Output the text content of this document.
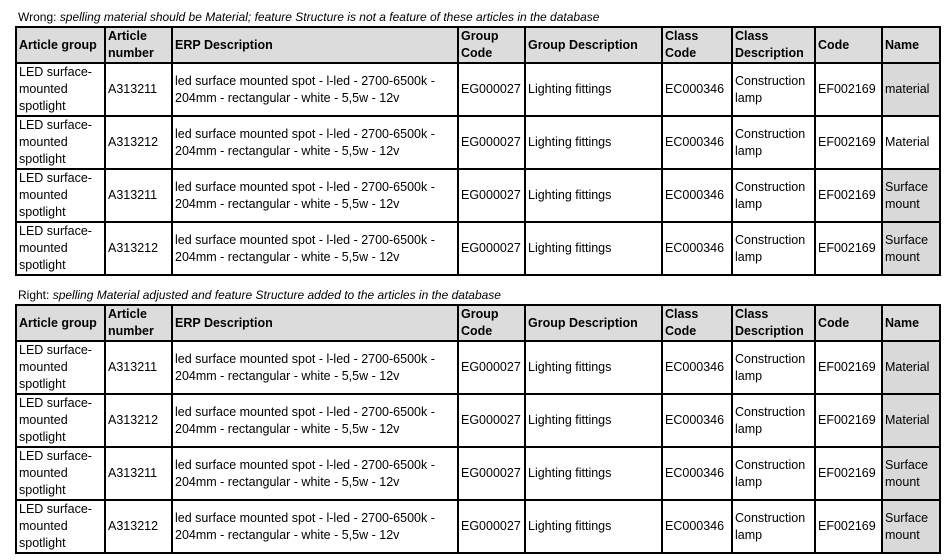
Wrong: spelling material should be Material; feature Structure is not a feature of these articles in the database
Article group	Article number	ERP Description	Group Code	Group Description	Class Code	Class Description	Code	Name
LED surface-mounted spotlight	A313211	led surface mounted spot - l-led - 2700-6500k - 204mm - rectangular - white - 5,5w - 12v	EG000027	Lighting fittings	EC000346	Construction lamp	EF002169	material
LED surface-mounted spotlight	A313212	led surface mounted spot - l-led - 2700-6500k - 204mm - rectangular - white - 5,5w - 12v	EG000027	Lighting fittings	EC000346	Construction lamp	EF002169	Material
LED surface-mounted spotlight	A313211	led surface mounted spot - l-led - 2700-6500k - 204mm - rectangular - white - 5,5w - 12v	EG000027	Lighting fittings	EC000346	Construction lamp	EF002169	Surface mount
LED surface-mounted spotlight	A313212	led surface mounted spot - l-led - 2700-6500k - 204mm - rectangular - white - 5,5w - 12v	EG000027	Lighting fittings	EC000346	Construction lamp	EF002169	Surface mount
Right: spelling Material adjusted and feature Structure added to the articles in the database
Article group	Article number	ERP Description	Group Code	Group Description	Class Code	Class Description	Code	Name
LED surface-mounted spotlight	A313211	led surface mounted spot - l-led - 2700-6500k - 204mm - rectangular - white - 5,5w - 12v	EG000027	Lighting fittings	EC000346	Construction lamp	EF002169	Material
LED surface-mounted spotlight	A313212	led surface mounted spot - l-led - 2700-6500k - 204mm - rectangular - white - 5,5w - 12v	EG000027	Lighting fittings	EC000346	Construction lamp	EF002169	Material
LED surface-mounted spotlight	A313211	led surface mounted spot - l-led - 2700-6500k - 204mm - rectangular - white - 5,5w - 12v	EG000027	Lighting fittings	EC000346	Construction lamp	EF002169	Surface mount
LED surface-mounted spotlight	A313212	led surface mounted spot - l-led - 2700-6500k - 204mm - rectangular - white - 5,5w - 12v	EG000027	Lighting fittings	EC000346	Construction lamp	EF002169	Surface mount
